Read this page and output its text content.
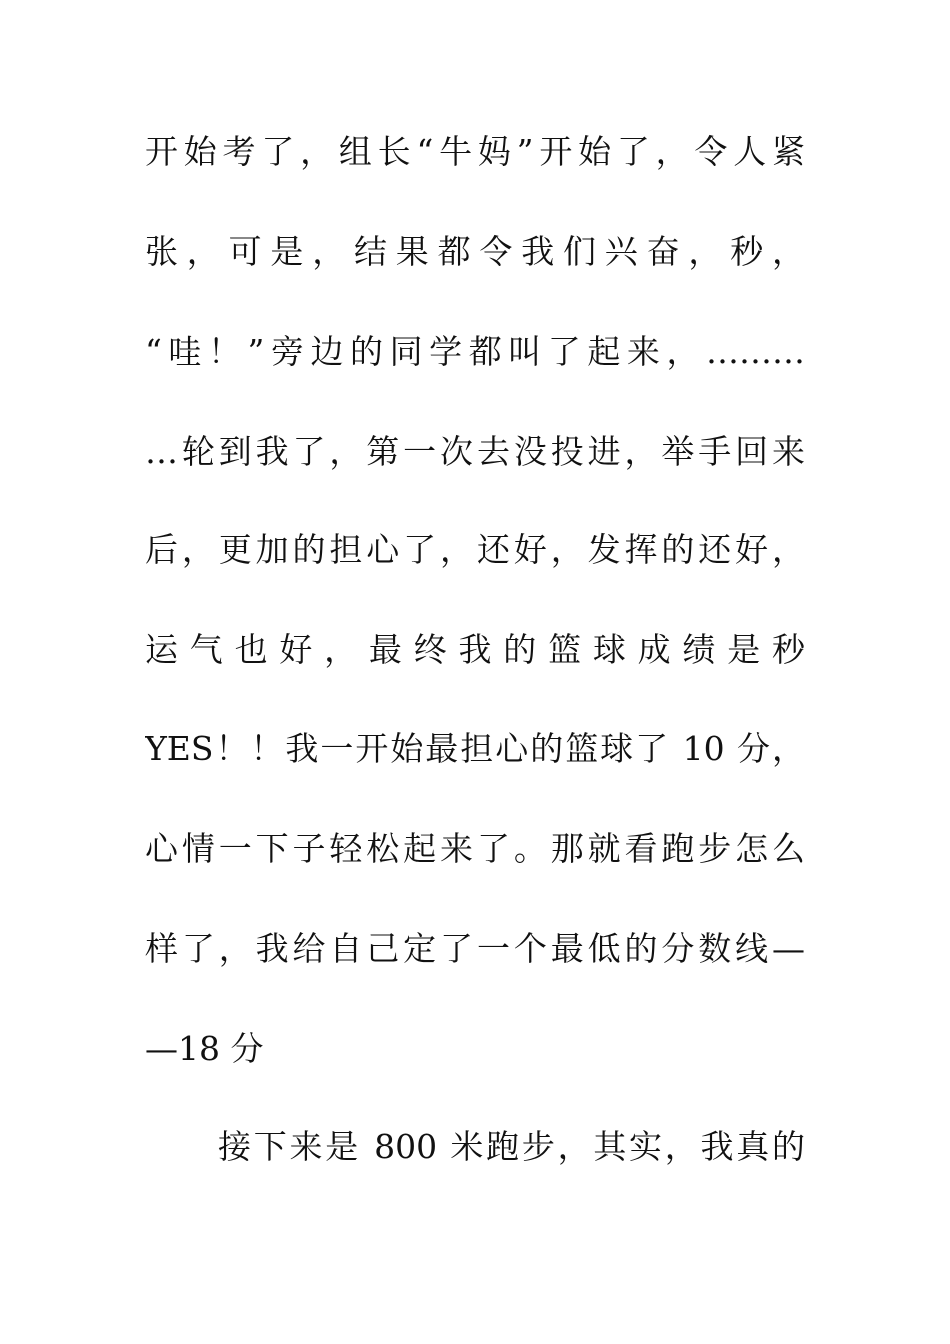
开始考了，组长“牛妈”开始了，令人紧
张，可是，结果都令我们兴奋，秒，
“哇！”旁边的同学都叫了起来，………
…轮到我了，第一次去没投进，举手回来
后，更加的担心了，还好，发挥的还好，
运气也好，最终我的篮球成绩是秒
YES！！我一开始最担心的篮球了 10 分，
心情一下子轻松起来了。那就看跑步怎么
样了，我给自己定了一个最低的分数线—
—18 分
接下来是 800 米跑步，其实，我真的
